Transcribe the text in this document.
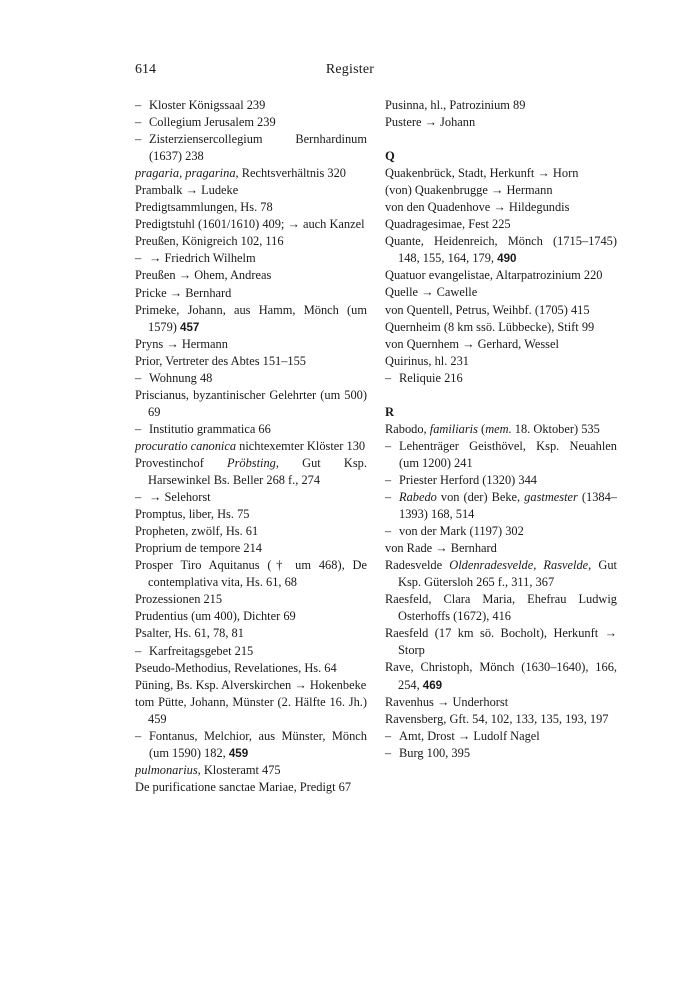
614	Register
– Kloster Königssaal 239
– Collegium Jerusalem 239
– Zisterziensercollegium Bernhardinum (1637) 238
pragaria, pragarina, Rechtsverhältnis 320
Prambalk → Ludeke
Predigtsammlungen, Hs. 78
Predigtstuhl (1601/1610) 409; → auch Kanzel
Preußen, Königreich 102, 116
– → Friedrich Wilhelm
Preußen → Ohem, Andreas
Pricke → Bernhard
Primeke, Johann, aus Hamm, Mönch (um 1579) 457
Pryns → Hermann
Prior, Vertreter des Abtes 151–155
– Wohnung 48
Priscianus, byzantinischer Gelehrter (um 500) 69
– Institutio grammatica 66
procuratio canonica nichtexemter Klöster 130
Provestinchof Pröbsting, Gut Ksp. Harsewinkel Bs. Beller 268 f., 274
– → Selehorst
Promptus, liber, Hs. 75
Propheten, zwölf, Hs. 61
Proprium de tempore 214
Prosper Tiro Aquitanus († um 468), De contemplativa vita, Hs. 61, 68
Prozessionen 215
Prudentius (um 400), Dichter 69
Psalter, Hs. 61, 78, 81
– Karfreitagsgebet 215
Pseudo-Methodius, Revelationes, Hs. 64
Püning, Bs. Ksp. Alverskirchen → Hokenbeke
tom Pütte, Johann, Münster (2. Hälfte 16. Jh.) 459
– Fontanus, Melchior, aus Münster, Mönch (um 1590) 182, 459
pulmonarius, Klosteramt 475
De purificatione sanctae Mariae, Predigt 67
Pusinna, hl., Patrozinium 89
Pustere → Johann
Q
Quakenbrück, Stadt, Herkunft → Horn
(von) Quakenbrugge → Hermann
von den Quadenhove → Hildegundis
Quadragesimae, Fest 225
Quante, Heidenreich, Mönch (1715–1745) 148, 155, 164, 179, 490
Quatuor evangelistae, Altarpatrozinium 220
Quelle → Cawelle
von Quentell, Petrus, Weihbf. (1705) 415
Quernheim (8 km ssö. Lübbecke), Stift 99
von Quernhem → Gerhard, Wessel
Quirinus, hl. 231
– Reliquie 216
R
Rabodo, familiaris (mem. 18. Oktober) 535
– Lehenträger Geisthövel, Ksp. Neuahlen (um 1200) 241
– Priester Herford (1320) 344
– Rabedo von (der) Beke, gastmester (1384–1393) 168, 514
– von der Mark (1197) 302
von Rade → Bernhard
Radesvelde Oldenradesvelde, Rasvelde, Gut Ksp. Gütersloh 265 f., 311, 367
Raesfeld, Clara Maria, Ehefrau Ludwig Osterhoffs (1672), 416
Raesfeld (17 km sö. Bocholt), Herkunft → Storp
Rave, Christoph, Mönch (1630–1640), 166, 254, 469
Ravenhus → Underhorst
Ravensberg, Gft. 54, 102, 133, 135, 193, 197
– Amt, Drost → Ludolf Nagel
– Burg 100, 395
